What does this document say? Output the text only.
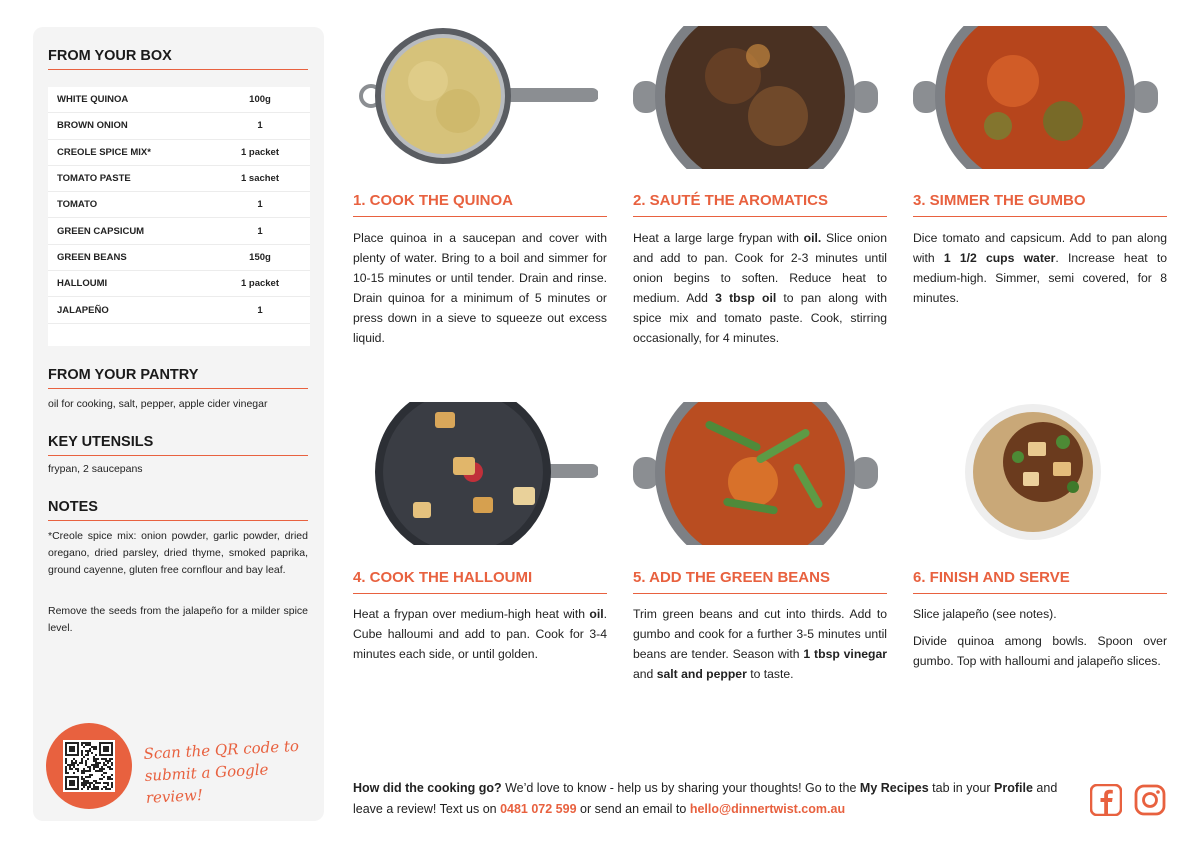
FROM YOUR BOX
WHITE QUINOA	100g
BROWN ONION	1
CREOLE SPICE MIX*	1 packet
TOMATO PASTE	1 sachet
TOMATO	1
GREEN CAPSICUM	1
GREEN BEANS	150g
HALLOUMI	1 packet
JALAPEÑO	1
FROM YOUR PANTRY
oil for cooking, salt, pepper, apple cider vinegar
KEY UTENSILS
frypan, 2 saucepans
NOTES
*Creole spice mix: onion powder, garlic powder, dried oregano, dried parsley, dried thyme, smoked paprika, ground cayenne, gluten free cornflour and bay leaf.
Remove the seeds from the jalapeño for a milder spice level.
Scan the QR code to submit a Google review!
1. COOK THE QUINOA

Place quinoa in a saucepan and cover with plenty of water. Bring to a boil and simmer for 10-15 minutes or until tender. Drain and rinse. Drain quinoa for a minimum of 5 minutes or press down in a sieve to squeeze out excess liquid.

2. SAUTÉ THE AROMATICS

Heat a large large frypan with oil. Slice onion and add to pan. Cook for 2-3 minutes until onion begins to soften. Reduce heat to medium. Add 3 tbsp oil to pan along with spice mix and tomato paste. Cook, stirring occasionally, for 4 minutes.

3. SIMMER THE GUMBO

Dice tomato and capsicum. Add to pan along with 1 1/2 cups water. Increase heat to medium-high. Simmer, semi covered, for 8 minutes.

4. COOK THE HALLOUMI

Heat a frypan over medium-high heat with oil. Cube halloumi and add to pan. Cook for 3-4 minutes each side, or until golden.

5. ADD THE GREEN BEANS

Trim green beans and cut into thirds. Add to gumbo and cook for a further 3-5 minutes until beans are tender. Season with 1 tbsp vinegar and salt and pepper to taste.

6. FINISH AND SERVE

Slice jalapeño (see notes).

Divide quinoa among bowls. Spoon over gumbo. Top with halloumi and jalapeño slices.

How did the cooking go? We’d love to know - help us by sharing your thoughts! Go to the My Recipes tab in your Profile and leave a review! Text us on 0481 072 599 or send an email to hello@dinnertwist.com.au
